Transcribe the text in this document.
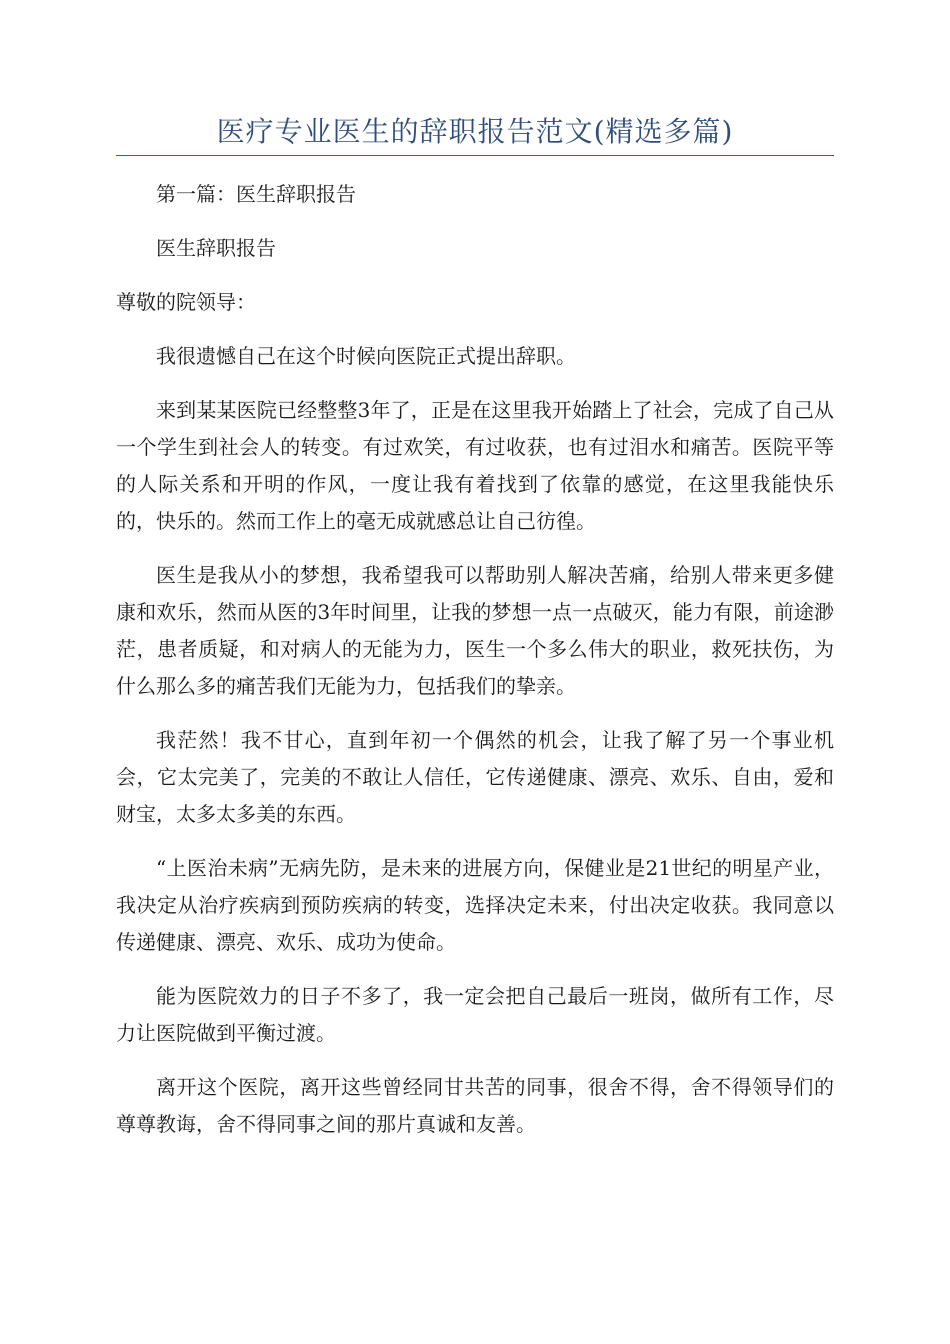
医疗专业医生的辞职报告范文(精选多篇)

第一篇：医生辞职报告

医生辞职报告

尊敬的院领导：

我很遗憾自己在这个时候向医院正式提出辞职。

来到某某医院已经整整3年了，正是在这里我开始踏上了社会，完成了自己从一个学生到社会人的转变。有过欢笑，有过收获，也有过泪水和痛苦。医院平等的人际关系和开明的作风，一度让我有着找到了依靠的感觉，在这里我能快乐的，快乐的。然而工作上的毫无成就感总让自己彷徨。

医生是我从小的梦想，我希望我可以帮助别人解决苦痛，给别人带来更多健康和欢乐，然而从医的3年时间里，让我的梦想一点一点破灭，能力有限，前途渺茫，患者质疑，和对病人的无能为力，医生一个多么伟大的职业，救死扶伤，为什么那么多的痛苦我们无能为力，包括我们的挚亲。

我茫然！我不甘心，直到年初一个偶然的机会，让我了解了另一个事业机会，它太完美了，完美的不敢让人信任，它传递健康、漂亮、欢乐、自由，爱和财宝，太多太多美的东西。

“上医治未病”无病先防，是未来的进展方向，保健业是21世纪的明星产业，我决定从治疗疾病到预防疾病的转变，选择决定未来，付出决定收获。我同意以传递健康、漂亮、欢乐、成功为使命。

能为医院效力的日子不多了，我一定会把自己最后一班岗，做所有工作，尽力让医院做到平衡过渡。

离开这个医院，离开这些曾经同甘共苦的同事，很舍不得，舍不得领导们的尊尊教诲，舍不得同事之间的那片真诚和友善。
